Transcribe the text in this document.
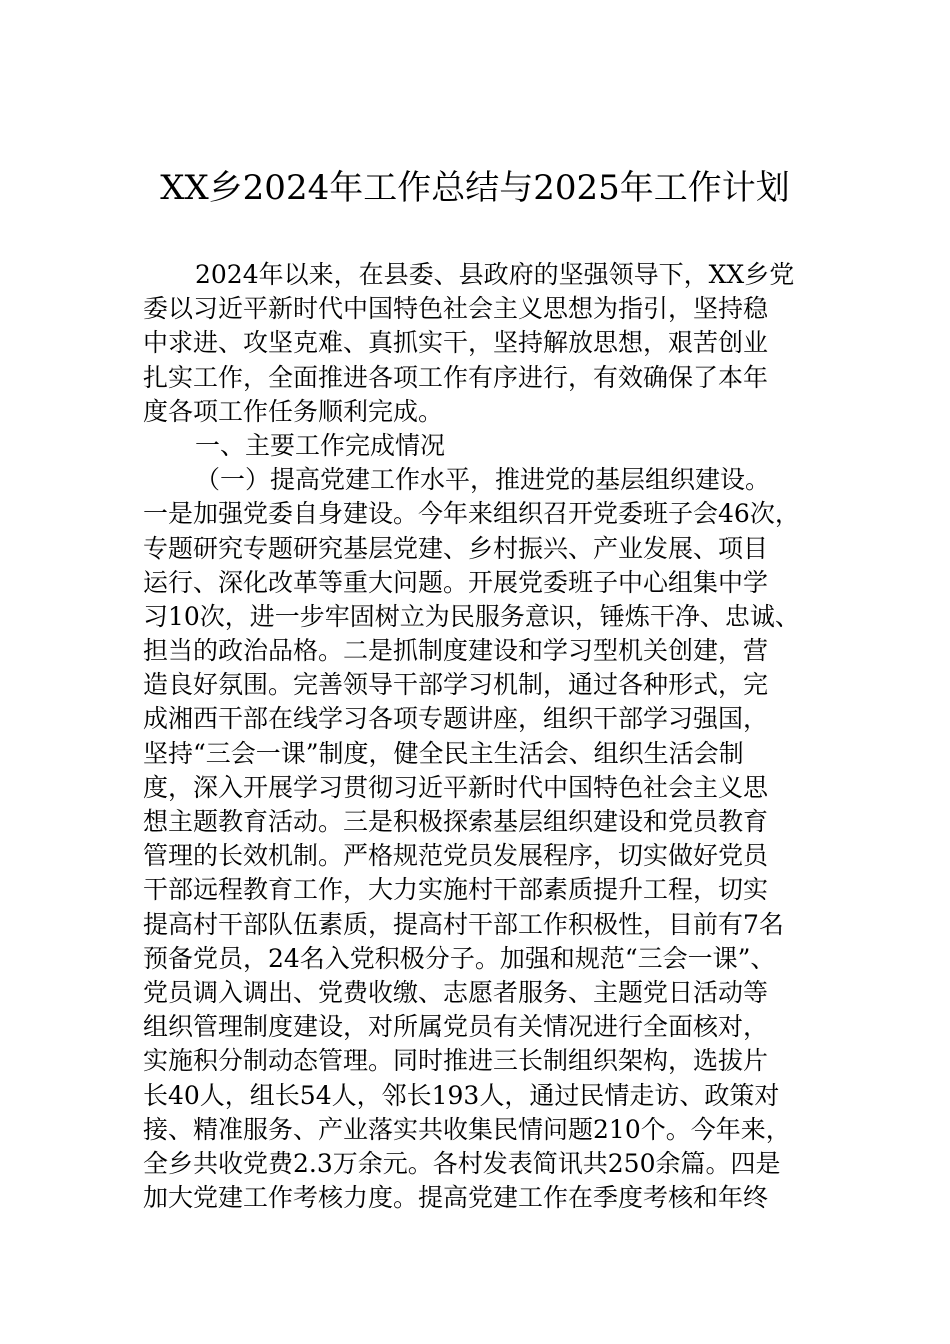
XX乡2024年工作总结与2025年工作计划
2024年以来，在县委、县政府的坚强领导下，XX乡党
委以习近平新时代中国特色社会主义思想为指引，坚持稳
中求进、攻坚克难、真抓实干，坚持解放思想，艰苦创业
扎实工作，全面推进各项工作有序进行，有效确保了本年
度各项工作任务顺利完成。
一、主要工作完成情况
（一）提高党建工作水平，推进党的基层组织建设。
一是加强党委自身建设。今年来组织召开党委班子会46次，
专题研究专题研究基层党建、乡村振兴、产业发展、项目
运行、深化改革等重大问题。开展党委班子中心组集中学
习10次，进一步牢固树立为民服务意识，锤炼干净、忠诚、
担当的政治品格。二是抓制度建设和学习型机关创建，营
造良好氛围。完善领导干部学习机制，通过各种形式，完
成湘西干部在线学习各项专题讲座，组织干部学习强国，
坚持“三会一课”制度，健全民主生活会、组织生活会制
度，深入开展学习贯彻习近平新时代中国特色社会主义思
想主题教育活动。三是积极探索基层组织建设和党员教育
管理的长效机制。严格规范党员发展程序，切实做好党员
干部远程教育工作，大力实施村干部素质提升工程，切实
提高村干部队伍素质，提高村干部工作积极性，目前有7名
预备党员，24名入党积极分子。加强和规范“三会一课”、
党员调入调出、党费收缴、志愿者服务、主题党日活动等
组织管理制度建设，对所属党员有关情况进行全面核对，
实施积分制动态管理。同时推进三长制组织架构，选拔片
长40人，组长54人，邻长193人，通过民情走访、政策对
接、精准服务、产业落实共收集民情问题210个。今年来，
全乡共收党费2.3万余元。各村发表简讯共250余篇。四是
加大党建工作考核力度。提高党建工作在季度考核和年终
